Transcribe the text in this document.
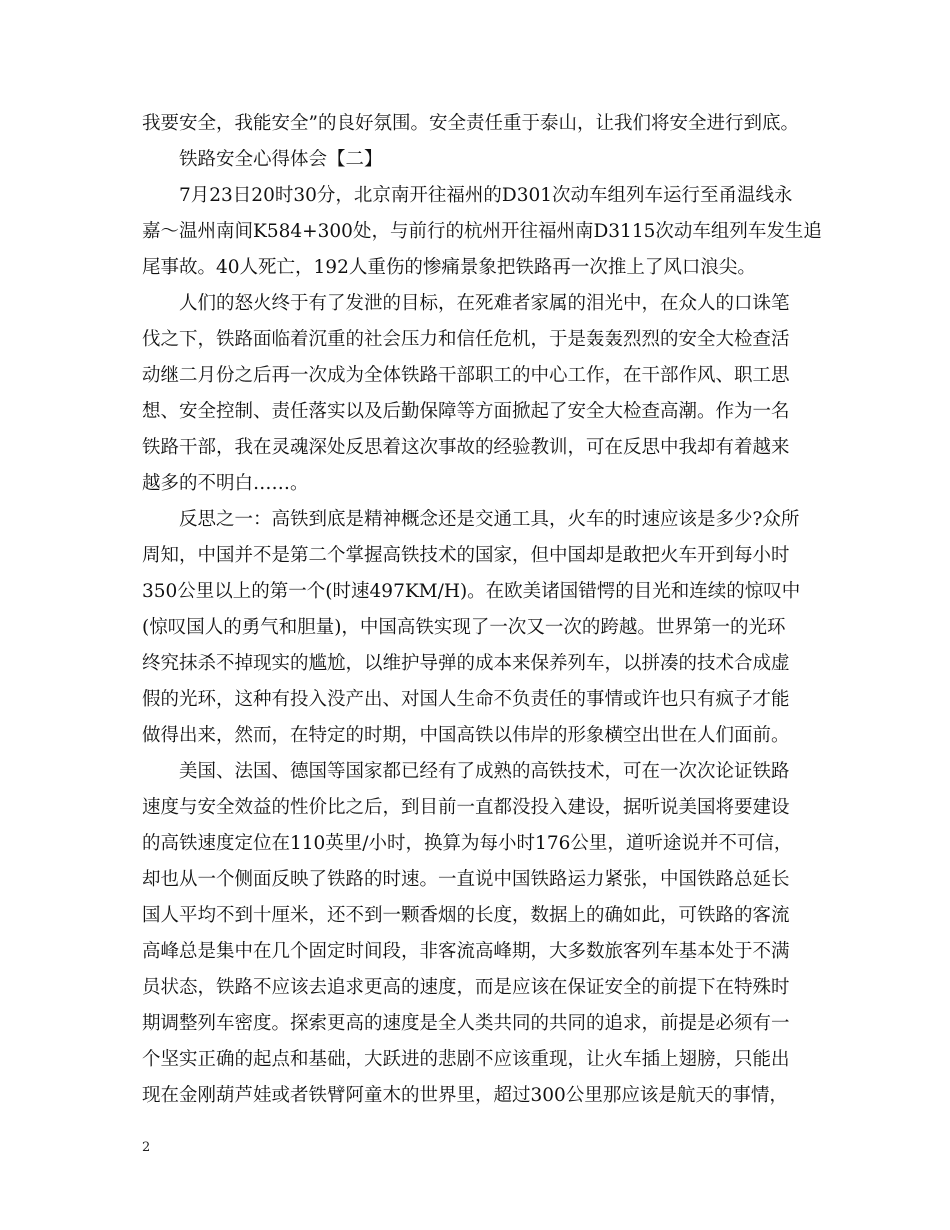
我要安全，我能安全”的良好氛围。安全责任重于泰山，让我们将安全进行到底。
铁路安全心得体会【二】
7月23日20时30分，北京南开往福州的D301次动车组列车运行至甬温线永
嘉～温州南间K584+300处，与前行的杭州开往福州南D3115次动车组列车发生追
尾事故。40人死亡，192人重伤的惨痛景象把铁路再一次推上了风口浪尖。
人们的怒火终于有了发泄的目标，在死难者家属的泪光中，在众人的口诛笔
伐之下，铁路面临着沉重的社会压力和信任危机，于是轰轰烈烈的安全大检查活
动继二月份之后再一次成为全体铁路干部职工的中心工作，在干部作风、职工思
想、安全控制、责任落实以及后勤保障等方面掀起了安全大检查高潮。作为一名
铁路干部，我在灵魂深处反思着这次事故的经验教训，可在反思中我却有着越来
越多的不明白……。
反思之一：高铁到底是精神概念还是交通工具，火车的时速应该是多少?众所
周知，中国并不是第二个掌握高铁技术的国家，但中国却是敢把火车开到每小时
350公里以上的第一个(时速497KM/H)。在欧美诸国错愕的目光和连续的惊叹中
(惊叹国人的勇气和胆量)，中国高铁实现了一次又一次的跨越。世界第一的光环
终究抹杀不掉现实的尴尬，以维护导弹的成本来保养列车，以拼凑的技术合成虚
假的光环，这种有投入没产出、对国人生命不负责任的事情或许也只有疯子才能
做得出来，然而，在特定的时期，中国高铁以伟岸的形象横空出世在人们面前。
美国、法国、德国等国家都已经有了成熟的高铁技术，可在一次次论证铁路
速度与安全效益的性价比之后，到目前一直都没投入建设，据听说美国将要建设
的高铁速度定位在110英里/小时，换算为每小时176公里，道听途说并不可信，
却也从一个侧面反映了铁路的时速。一直说中国铁路运力紧张，中国铁路总延长
国人平均不到十厘米，还不到一颗香烟的长度，数据上的确如此，可铁路的客流
高峰总是集中在几个固定时间段，非客流高峰期，大多数旅客列车基本处于不满
员状态，铁路不应该去追求更高的速度，而是应该在保证安全的前提下在特殊时
期调整列车密度。探索更高的速度是全人类共同的共同的追求，前提是必须有一
个坚实正确的起点和基础，大跃进的悲剧不应该重现，让火车插上翅膀，只能出
现在金刚葫芦娃或者铁臂阿童木的世界里，超过300公里那应该是航天的事情，
2
